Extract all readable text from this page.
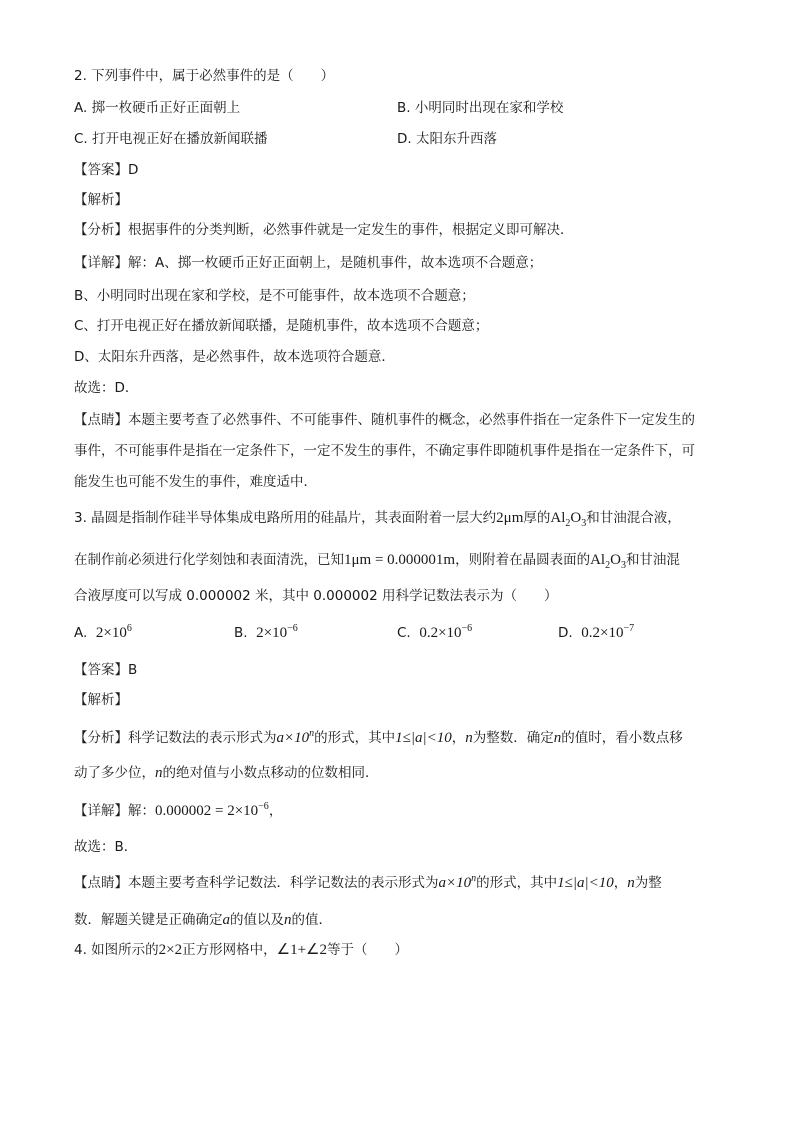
2. 下列事件中，属于必然事件的是（　　）
A. 掷一枚硬币正好正面朝上	B. 小明同时出现在家和学校
C. 打开电视正好在播放新闻联播	D. 太阳东升西落
【答案】D
【解析】
【分析】根据事件的分类判断，必然事件就是一定发生的事件，根据定义即可解决．
【详解】解：A、掷一枚硬币正好正面朝上，是随机事件，故本选项不合题意；
B、小明同时出现在家和学校，是不可能事件，故本选项不合题意；
C、打开电视正好在播放新闻联播，是随机事件，故本选项不合题意；
D、太阳东升西落，是必然事件，故本选项符合题意．
故选：D．
【点睛】本题主要考查了必然事件、不可能事件、随机事件的概念，必然事件指在一定条件下一定发生的
事件，不可能事件是指在一定条件下，一定不发生的事件，不确定事件即随机事件是指在一定条件下，可
能发生也可能不发生的事件，难度适中．
3. 晶圆是指制作硅半导体集成电路所用的硅晶片，其表面附着一层大约2μm厚的$Al_2O_3$和甘油混合液，
在制作前必须进行化学刻蚀和表面清洗，已知1μm = 0.000001m，则附着在晶圆表面的$Al_2O_3$和甘油混
合液厚度可以写成 0.000002 米，其中 0.000002 用科学记数法表示为（　　）
A. $2\times 10^6$	B. $2\times 10^{-6}$	C. $0.2\times 10^{-6}$	D. $0.2\times 10^{-7}$
【答案】B
【解析】
【分析】科学记数法的表示形式为$a\times 10^n$的形式，其中1≤|a|<10，n为整数．确定n的值时，看小数点移
动了多少位，n的绝对值与小数点移动的位数相同．
【详解】解：$0.000002 = 2\times 10^{-6}$，
故选：B．
【点睛】本题主要考查科学记数法．科学记数法的表示形式为$a\times 10^n$的形式，其中1≤|a|<10，n为整
数．解题关键是正确确定a的值以及n的值．
4. 如图所示的2×2正方形网格中，∠1+∠2等于（　　）
